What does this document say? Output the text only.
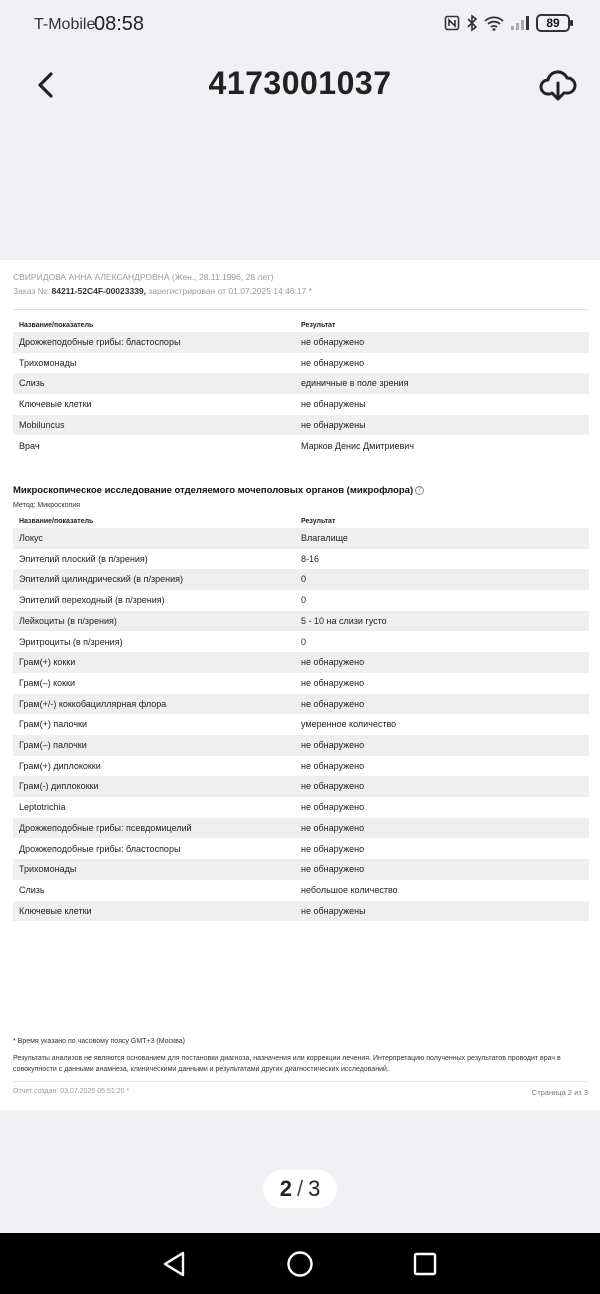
T-Mobile
08:58	89
4173001037
СВИРИДОВА АННА АЛЕКСАНДРОВНА (Жен., 28.11.1996, 28 лет)
Заказ №: 84211-52C4F-00023339, зарегистрирован от 01.07.2025 14:46:17 *
Название/показатель	Результат
Дрожжеподобные грибы: бластоспоры	не обнаружено
Трихомонады	не обнаружено
Слизь	единичные в поле зрения
Ключевые клетки	не обнаружены
Mobiluncus	не обнаружены
Врач	Марков Денис Дмитриевич
Микроскопическое исследование отделяемого мочеполовых органов (микрофлора) ?
Метод: Микроскопия
Название/показатель	Результат
Локус	Влагалище
Эпителий плоский (в п/зрения)	8-16
Эпителий цилиндрический (в п/зрения)	0
Эпителий переходный (в п/зрения)	0
Лейкоциты (в п/зрения)	5 - 10 на слизи густо
Эритроциты (в п/зрения)	0
Грам(+) кокки	не обнаружено
Грам(–) кокки	не обнаружено
Грам(+/-) коккобациллярная флора	не обнаружено
Грам(+) палочки	умеренное количество
Грам(–) палочки	не обнаружено
Грам(+) диплококки	не обнаружено
Грам(-) диплококки	не обнаружено
Leptotrichia	не обнаружено
Дрожжеподобные грибы: псевдомицелий	не обнаружено
Дрожжеподобные грибы: бластоспоры	не обнаружено
Трихомонады	не обнаружено
Слизь	небольшое количество
Ключевые клетки	не обнаружены
* Время указано по часовому поясу GMT+3 (Москва)
Результаты анализов не являются основанием для постановки диагноза, назначения или коррекции лечения. Интерпретацию полученных результатов проводит врач в совокупности с данными анамнеза, клиническими данными и результатами других диагностических исследований.
Отчет создан: 03.07.2025 05:51:20 *	Страница 2 из 3
2 / 3
